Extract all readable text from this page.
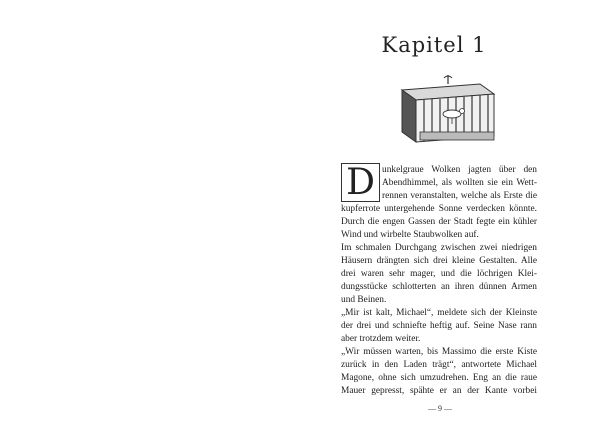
Kapitel 1
D unkelgraue Wolken jagten über den
Abendhimmel, als wollten sie ein Wett-
rennen veranstalten, welche als Erste die
kupferrote untergehende Sonne verdecken könnte.
Durch die engen Gassen der Stadt fegte ein kühler
Wind und wirbelte Staubwolken auf.
Im schmalen Durchgang zwischen zwei niedrigen
Häusern drängten sich drei kleine Gestalten. Alle
drei waren sehr mager, und die löchrigen Klei-
dungsstücke schlotterten an ihren dünnen Armen
und Beinen.
„Mir ist kalt, Michael“, meldete sich der Kleinste
der drei und schniefte heftig auf. Seine Nase rann
aber trotzdem weiter.
„Wir müssen warten, bis Massimo die erste Kiste
zurück in den Laden trägt“, antwortete Michael
Magone, ohne sich umzudrehen. Eng an die raue
— 9 —
Mauer gepresst, spähte er an der Kante vorbei
